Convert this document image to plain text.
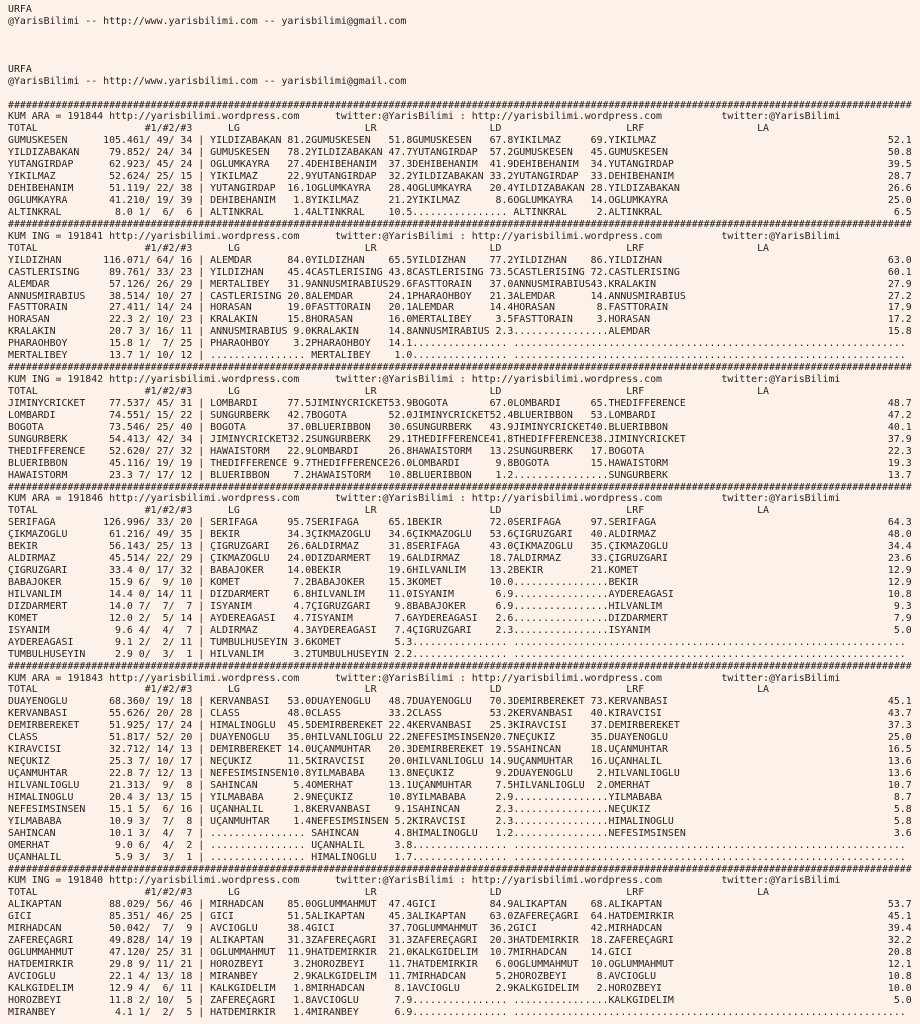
URFA
@YarisBilimi -- http://www.yarisbilimi.com -- yarisbilimi@gmail.com
URFA
@YarisBilimi -- http://www.yarisbilimi.com -- yarisbilimi@gmail.com
########################################################################################################################################################
KUM ARA = 191844 http://yarisbilimi.wordpress.com      twitter:@YarisBilimi : http://yarisbilimi.wordpress.com          twitter:@YarisBilimi
TOTAL                  #1/#2/#3      LG                     LR                   LD                     LRF                   LA
GÜMÜSKESEN      105.461/ 49/ 34 | YILDIZABAKAN 81.2GÜMÜSKESEN   51.8GÜMÜSKESEN   67.8YIKILMAZ     69.YIKILMAZ                                       52.1
YILDIZABAKAN     79.852/ 24/ 34 | GÜMÜSKESEN   78.2YILDIZABAKAN 47.7YUTANGIRDAP  57.2GÜMÜSKESEN   45.GÜMÜSKESEN                                     50.8
YUTANGIRDAP      62.923/ 45/ 24 | OGLUMKAYRA   27.4DEHIBEHANIM  37.3DEHIBEHANIM  41.9DEHIBEHANIM  34.YUTANGIRDAP                                    39.5
YIKILMAZ         52.624/ 25/ 15 | YIKILMAZ     22.9YUTANGIRDAP  32.2YILDIZABAKAN 33.2YUTANGIRDAP  33.DEHIBEHANIM                                    28.7
DEHIBEHANIM      51.119/ 22/ 38 | YUTANGIRDAP  16.1OGLUMKAYRA   28.4OGLUMKAYRA   20.4YILDIZABAKAN 28.YILDIZABAKAN                                   26.6
OGLUMKAYRA       41.210/ 19/ 39 | DEHIBEHANIM   1.8YIKILMAZ     21.2YIKILMAZ      8.6OGLUMKAYRA   14.OGLUMKAYRA                                     25.0
ALTINKRAL         8.0 1/  6/  6 | ALTINKRAL     1.4ALTINKRAL    10.5................ ALTINKRAL     2.ALTINKRAL                                       6.5
########################################################################################################################################################
KUM ING = 191841 http://yarisbilimi.wordpress.com      twitter:@YarisBilimi : http://yarisbilimi.wordpress.com          twitter:@YarisBilimi
TOTAL                  #1/#2/#3      LG                     LR                   LD                     LRF                   LA
YILDIZHAN       116.071/ 64/ 16 | ALEMDAR      84.0YILDIZHAN    65.5YILDIZHAN    77.2YILDIZHAN    86.YILDIZHAN                                      63.0
CASTLERISING     89.761/ 33/ 23 | YILDIZHAN    45.4CASTLERISING 43.8CASTLERISING 73.5CASTLERISING 72.CASTLERISING                                   60.1
ALEMDAR          57.126/ 26/ 29 | MERTALIBEY   31.9ANNUSMIRABIUS29.6FASTTORAIN   37.0ANNUSMIRABIUS43.KRALAKIN                                       27.9
ANNUSMIRABIUS    38.514/ 10/ 27 | CASTLERISING 20.8ALEMDAR      24.1PHARAOHBOY   21.3ALEMDAR      14.ANNUSMIRABIUS                                  27.2
FASTTORAIN       27.411/ 14/ 24 | HORASAN      19.0FASTTORAIN   20.1ALEMDAR      14.4HORASAN       8.FASTTORAIN                                     17.9
HORASAN          22.3 2/ 10/ 23 | KRALAKIN     15.8HORASAN      16.0MERTALIBEY    3.5FASTTORAIN    3.HORASAN                                        17.2
KRALAKIN         20.7 3/ 16/ 11 | ANNUSMIRABIUS 9.0KRALAKIN     14.8ANNUSMIRABIUS 2.3................ALEMDAR                                        15.8
PHARAOHBOY       15.8 1/  7/ 25 | PHARAOHBOY    3.2PHARAOHBOY   14.1................ ..................................................................
MERTALIBEY       13.7 1/ 10/ 12 | ................ MERTALIBEY    1.0................ ..................................................................
########################################################################################################################################################
KUM ING = 191842 http://yarisbilimi.wordpress.com      twitter:@YarisBilimi : http://yarisbilimi.wordpress.com          twitter:@YarisBilimi
TOTAL                  #1/#2/#3      LG                     LR                   LD                     LRF                   LA
JIMINYCRICKET    77.537/ 45/ 31 | LOMBARDI     77.5JIMINYCRICKET53.9BOGOTA       67.0LOMBARDI     65.THEDIFFERENCE                                  48.7
LOMBARDI         74.551/ 15/ 22 | SUNGURBERK   42.7BOGOTA       52.0JIMINYCRICKET52.4BLUERIBBON   53.LOMBARDI                                       47.2
BOGOTA           73.546/ 25/ 40 | BOGOTA       37.0BLUERIBBON   30.6SUNGURBERK   43.9JIMINYCRICKET40.BLUERIBBON                                     40.1
SUNGURBERK       54.413/ 42/ 34 | JIMINYCRICKET32.2SUNGURBERK   29.1THEDIFFERENCE41.8THEDIFFERENCE38.JIMINYCRICKET                                  37.9
THEDIFFERENCE    52.620/ 27/ 32 | HAWAISTORM   22.9LOMBARDI     26.8HAWAISTORM   13.2SUNGURBERK   17.BOGOTA                                         22.3
BLUERIBBON       45.116/ 19/ 19 | THEDIFFERENCE 9.7THEDIFFERENCE26.0LOMBARDI      9.8BOGOTA       15.HAWAISTORM                                     19.3
HAWAISTORM       23.3 7/ 17/ 12 | BLUERIBBON    7.2HAWAISTORM   10.8BLUERIBBON    1.2................SUNGURBERK                                     13.7
########################################################################################################################################################
KUM ARA = 191846 http://yarisbilimi.wordpress.com      twitter:@YarisBilimi : http://yarisbilimi.wordpress.com          twitter:@YarisBilimi
TOTAL                  #1/#2/#3      LG                     LR                   LD                     LRF                   LA
SERIFAGA        126.996/ 33/ 20 | SERIFAGA     95.7SERIFAGA     65.1BEKIR        72.0SERIFAGA     97.SERIFAGA                                       64.3
ÇIKMAZOGLU       61.216/ 49/ 35 | BEKIR        34.3ÇIKMAZOGLU   34.6ÇIKMAZOGLU   53.6ÇIGRÜZGARI   40.ALDIRMAZ                                       48.0
BEKIR            56.143/ 25/ 13 | ÇIGRÜZGARI   26.6ALDIRMAZ     31.8SERIFAGA     43.0ÇIKMAZOGLU   35.ÇIKMAZOGLU                                     34.4
ALDIRMAZ         45.514/ 22/ 29 | ÇIKMAZOGLU   24.0DIZDARMERT   19.6ALDIRMAZ     18.7ALDIRMAZ     33.ÇIGRÜZGARI                                     23.6
ÇIGRÜZGARI       33.4 0/ 17/ 32 | BABAJOKER    14.0BEKIR        19.6HILVANLIM    13.2BEKIR        21.KOMET                                          12.9
BABAJOKER        15.9 6/  9/ 10 | KOMET         7.2BABAJOKER    15.3KOMET        10.0................BEKIR                                          12.9
HILVANLIM        14.4 0/ 14/ 11 | DIZDARMERT    6.8HILVANLIM    11.0ISYANIM       6.9................AYDEREAGASI                                    10.8
DIZDARMERT       14.0 7/  7/  7 | ISYANIM       4.7ÇIGRÜZGARI    9.8BABAJOKER     6.9................HILVANLIM                                       9.3
KOMET            12.0 2/  5/ 14 | AYDEREAGASI   4.7ISYANIM       7.6AYDEREAGASI   2.6................DIZDARMERT                                      7.9
ISYANIM           9.6 4/  4/  7 | ALDIRMAZ      4.3AYDEREAGASI   7.4ÇIGRÜZGARI    2.3................ISYANIM                                         5.0
AYDEREAGASI       9.1 2/  2/ 11 | TUMBULHÜSEYIN 3.6KOMET         5.3................ ..................................................................
TUMBULHÜSEYIN     2.9 0/  3/  1 | HILVANLIM     3.2TUMBULHÜSEYIN 2.2................ ..................................................................
########################################################################################################################################################
KUM ARA = 191843 http://yarisbilimi.wordpress.com      twitter:@YarisBilimi : http://yarisbilimi.wordpress.com          twitter:@YarisBilimi
TOTAL                  #1/#2/#3      LG                     LR                   LD                     LRF                   LA
DUAYENOGLU       68.360/ 19/ 18 | KERVANBASI   53.0DUAYENOGLU   48.7DUAYENOGLU   70.3DEMIRBEREKET 73.KERVANBASI                                     45.1
KERVANBASI       55.626/ 20/ 28 | CLASS        48.0CLASS        33.2CLASS        53.2KERVANBASI   40.KIRAVCISI                                      43.7
DEMIRBEREKET     51.925/ 17/ 24 | HIMALINOGLU  45.5DEMIRBEREKET 22.4KERVANBASI   25.3KIRAVCISI    37.DEMIRBEREKET                                   37.3
CLASS            51.817/ 52/ 20 | DUAYENOGLU   35.0HILVANLIOGLU 22.2NEFESIMSINSEN20.7NEÇUKIZ      35.DUAYENOGLU                                     25.0
KIRAVCISI        32.712/ 14/ 13 | DEMIRBEREKET 14.0UÇANMUHTAR   20.3DEMIRBEREKET 19.5SAHINCAN     18.UÇANMUHTAR                                     16.5
NEÇUKIZ          25.3 7/ 10/ 17 | NEÇUKIZ      11.5KIRAVCISI    20.0HILVANLIOGLU 14.9UÇANMUHTAR   16.UÇANHALIL                                      13.6
UÇANMUHTAR       22.8 7/ 12/ 13 | NEFESIMSINSEN10.8YILMABABA    13.8NEÇUKIZ       9.2DUAYENOGLU    2.HILVANLIOGLU                                   13.6
HILVANLIOGLU     21.313/  9/  8 | SAHINCAN      5.4ÖMERHAT      13.1UÇANMUHTAR    7.5HILVANLIOGLU  2.ÖMERHAT                                        10.7
HIMALINOGLU      20.4 3/ 13/ 15 | YILMABABA     2.9NEÇUKIZ      10.8YILMABABA     2.9................YILMABABA                                       8.7
NEFESIMSINSEN    15.1 5/  6/ 16 | UÇANHALIL     1.8KERVANBASI    9.1SAHINCAN      2.3................NEÇUKIZ                                         5.8
YILMABABA        10.9 3/  7/  8 | UÇANMUHTAR    1.4NEFESIMSINSEN 5.2KIRAVCISI     2.3................HIMALINOGLU                                     5.8
SAHINCAN         10.1 3/  4/  7 | ................ SAHINCAN      4.8HIMALINOGLU   1.2................NEFESIMSINSEN                                   3.6
ÖMERHAT           9.0 6/  4/  2 | ................ UÇANHALIL     3.8................ ..................................................................
UÇANHALIL         5.9 3/  3/  1 | ................ HIMALINOGLU   1.7................ ..................................................................
########################################################################################################################################################
KUM ING = 191840 http://yarisbilimi.wordpress.com      twitter:@YarisBilimi : http://yarisbilimi.wordpress.com          twitter:@YarisBilimi
TOTAL                  #1/#2/#3      LG                     LR                   LD                     LRF                   LA
ALIKAPTAN        88.029/ 56/ 46 | MIRHADCAN    85.0OGLUMMAHMUT  47.4GICI         84.9ALIKAPTAN    68.ALIKAPTAN                                      53.7
GICI             85.351/ 46/ 25 | GICI         51.5ALIKAPTAN    45.3ALIKAPTAN    63.0ZAFEREÇAGRI  64.HATDEMIRKIR                                    45.1
MIRHADCAN        50.042/  7/  9 | AVCIOGLU     38.4GICI         37.7OGLUMMAHMUT  36.2GICI         42.MIRHADCAN                                      39.4
ZAFEREÇAGRI      49.828/ 14/ 19 | ALIKAPTAN    31.3ZAFEREÇAGRI  31.3ZAFEREÇAGRI  20.3HATDEMIRKIR  18.ZAFEREÇAGRI                                    32.2
OGLUMMAHMUT      47.120/ 25/ 31 | OGLUMMAHMUT  11.9HATDEMIRKIR  21.0KALKGIDELIM  10.7MIRHADCAN    14.GICI                                           20.8
HATDEMIRKIR      29.8 9/ 11/ 21 | HOROZBEYI     3.2HOROZBEYI    11.7HATDEMIRKIR   6.0OGLUMMAHMUT  10.OGLUMMAHMUT                                    12.1
AVCIOGLU         22.1 4/ 13/ 18 | MIRANBEY      2.9KALKGIDELIM  11.7MIRHADCAN     5.2HOROZBEYI     8.AVCIOGLU                                       10.8
KALKGIDELIM      12.9 4/  6/ 11 | KALKGIDELIM   1.8MIRHADCAN     8.1AVCIOGLU      2.9KALKGIDELIM   2.HOROZBEYI                                      10.0
HOROZBEYI        11.8 2/ 10/  5 | ZAFEREÇAGRI   1.8AVCIOGLU      7.9................ ................KALKGIDELIM                                     5.0
MIRANBEY          4.1 1/  2/  5 | HATDEMIRKIR   1.4MIRANBEY      6.9................ ..................................................................
